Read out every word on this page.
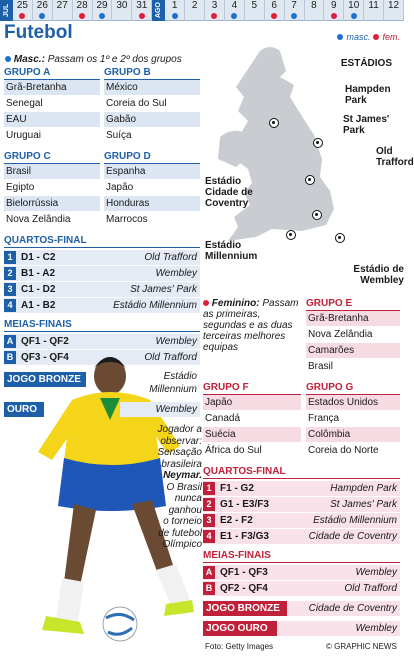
JUL 25 26 27 28 29 30 31	AGO 1 2 3 4 5 6 7 8 9 10 11 12
Futebol	masc. fem.
Masc.: Passam os 1º e 2º dos grupos
GRUPO A
Grã-Bretanha
Senegal
EAU
Uruguai
GRUPO B
México
Coreia do Sul
Gabão
Suíça
GRUPO C
Brasil
Egipto
Bielorrússia
Nova Zelândia
GRUPO D
Espanha
Japão
Honduras
Marrocos
QUARTOS-FINAL
1 D1 - C2	Old Trafford
2 B1 - A2	Wembley
3 C1 - D2	St James' Park
4 A1 - B2	Estádio Millennium
MEIAS-FINAIS
A QF1 - QF2	Wembley
B QF3 - QF4	Old Trafford
JOGO BRONZE	Estádio
Millennium
OURO	Wembley
Jogador a
observar:
Sensação
brasileira
Neymar.
O Brasil
nunca
ganhou
o torneio
de futebol
Olímpico
Fonte: LOCOG
ESTÁDIOS
Hampden Park
St James' Park
Old Trafford
Estádio Cidade de Coventry
Estádio Millennium
Estádio de Wembley
Feminino: Passam as primeiras, segundas e as duas terceiras melhores equipas
GRUPO E
Grã-Bretanha
Nova Zelândia
Camarões
Brasil
GRUPO F
Japão
Canadá
Suécia
África do Sul
GRUPO G
Estados Unidos
França
Colômbia
Coreia do Norte
QUARTOS-FINAL
1 F1 - G2	Hampden Park
2 G1 - E3/F3	St James' Park
3 E2 - F2	Estádio Millennium
4 E1 - F3/G3	Cidade de Coventry
MEIAS-FINAIS
A QF1 - QF3	Wembley
B QF2 - QF4	Old Trafford
JOGO BRONZE	Cidade de Coventry
JOGO OURO	Wembley
Foto: Getty Images	© GRAPHIC NEWS
